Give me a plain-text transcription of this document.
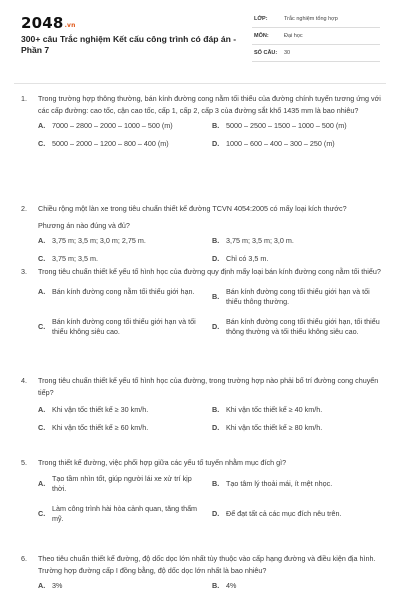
2048.vn
300+ câu Trắc nghiệm Kết cấu công trình có đáp án - Phần 7
LỚP:	Trắc nghiệm tổng hợp
MÔN:	Đại học
SỐ CÂU: 30
1.	Trong trường hợp thông thường, bán kính đường cong nằm tối thiểu của đường chính tuyến tương ứng với các cấp đường: cao tốc, cận cao tốc, cấp 1, cấp 2, cấp 3 của đường sắt khổ 1435 mm là bao nhiêu?
A. 7000 – 2800 – 2000 – 1000 – 500 (m)	B. 5000 – 2500 – 1500 – 1000 – 500 (m)
C. 5000 – 2000 – 1200 – 800 – 400 (m)	D. 1000 – 600 – 400 – 300 – 250 (m)
2.	Chiều rộng một làn xe trong tiêu chuẩn thiết kế đường TCVN 4054:2005 có mấy loại kích thước?
Phương án nào đúng và đủ?
A. 3,75 m; 3,5 m; 3,0 m; 2,75 m.	B. 3,75 m; 3,5 m; 3,0 m.
C. 3,75 m; 3,5 m.	D. Chỉ có 3,5 m.
3.	Trong tiêu chuẩn thiết kế yếu tố hình học của đường quy định mấy loại bán kính đường cong nằm tối thiểu?
A. Bán kính đường cong nằm tối thiểu giới hạn.
B.
Bán kính đường cong tối thiểu giới hạn và tối thiểu thông thường.
C.
Bán kính đường cong tối thiểu giới hạn và tối thiểu không siêu cao.
D.
Bán kính đường cong tối thiểu giới hạn, tối thiểu thông thường và tối thiểu không siêu cao.
4.	Trong tiêu chuẩn thiết kế yếu tố hình học của đường, trong trường hợp nào phải bố trí đường cong chuyển tiếp?
A. Khi vận tốc thiết kế ≥ 30 km/h.	B. Khi vận tốc thiết kế ≥ 40 km/h.
C. Khi vận tốc thiết kế ≥ 60 km/h.	D. Khi vận tốc thiết kế ≥ 80 km/h.
5.	Trong thiết kế đường, việc phối hợp giữa các yếu tố tuyến nhằm mục đích gì?
A.
Tạo tầm nhìn tốt, giúp người lái xe xử trí kịp thời.
B. Tạo tâm lý thoải mái, ít mệt nhọc.
C.
Làm công trình hài hòa cảnh quan, tăng thẩm mỹ.
D. Để đạt tất cả các mục đích nêu trên.
6.	Theo tiêu chuẩn thiết kế đường, độ dốc dọc lớn nhất tùy thuộc vào cấp hạng đường và điều kiện địa hình. Trường hợp đường cấp I đồng bằng, độ dốc dọc lớn nhất là bao nhiêu?
A. 3%	B. 4%
